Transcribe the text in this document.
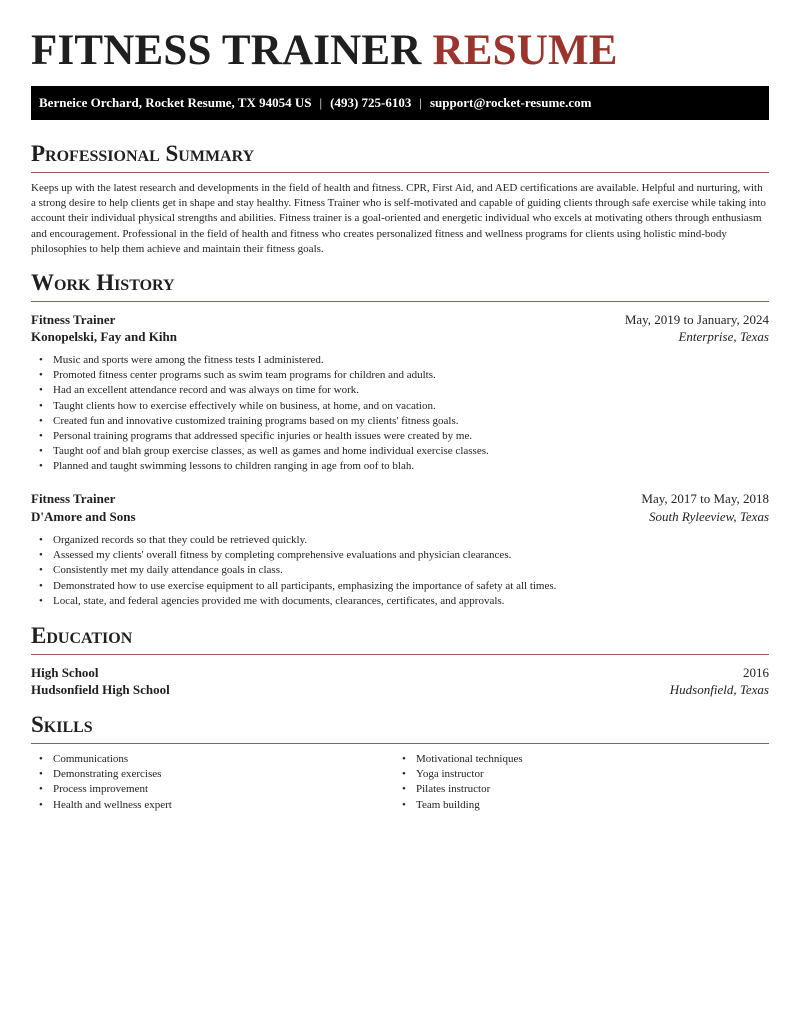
FITNESS TRAINER RESUME
Berneice Orchard, Rocket Resume, TX 94054 US | (493) 725-6103 | support@rocket-resume.com
Professional Summary
Keeps up with the latest research and developments in the field of health and fitness. CPR, First Aid, and AED certifications are available. Helpful and nurturing, with a strong desire to help clients get in shape and stay healthy. Fitness Trainer who is self-motivated and capable of guiding clients through safe exercise while taking into account their individual physical strengths and abilities. Fitness trainer is a goal-oriented and energetic individual who excels at motivating others through enthusiasm and encouragement. Professional in the field of health and fitness who creates personalized fitness and wellness programs for clients using holistic mind-body philosophies to help them achieve and maintain their fitness goals.
Work History
Fitness Trainer	May, 2019 to January, 2024
Konopelski, Fay and Kihn	Enterprise, Texas
• Music and sports were among the fitness tests I administered.
• Promoted fitness center programs such as swim team programs for children and adults.
• Had an excellent attendance record and was always on time for work.
• Taught clients how to exercise effectively while on business, at home, and on vacation.
• Created fun and innovative customized training programs based on my clients' fitness goals.
• Personal training programs that addressed specific injuries or health issues were created by me.
• Taught oof and blah group exercise classes, as well as games and home individual exercise classes.
• Planned and taught swimming lessons to children ranging in age from oof to blah.
Fitness Trainer	May, 2017 to May, 2018
D'Amore and Sons	South Ryleeview, Texas
• Organized records so that they could be retrieved quickly.
• Assessed my clients' overall fitness by completing comprehensive evaluations and physician clearances.
• Consistently met my daily attendance goals in class.
• Demonstrated how to use exercise equipment to all participants, emphasizing the importance of safety at all times.
• Local, state, and federal agencies provided me with documents, clearances, certificates, and approvals.
Education
High School	2016
Hudsonfield High School	Hudsonfield, Texas
Skills
• Communications
• Demonstrating exercises
• Process improvement
• Health and wellness expert
• Motivational techniques
• Yoga instructor
• Pilates instructor
• Team building
